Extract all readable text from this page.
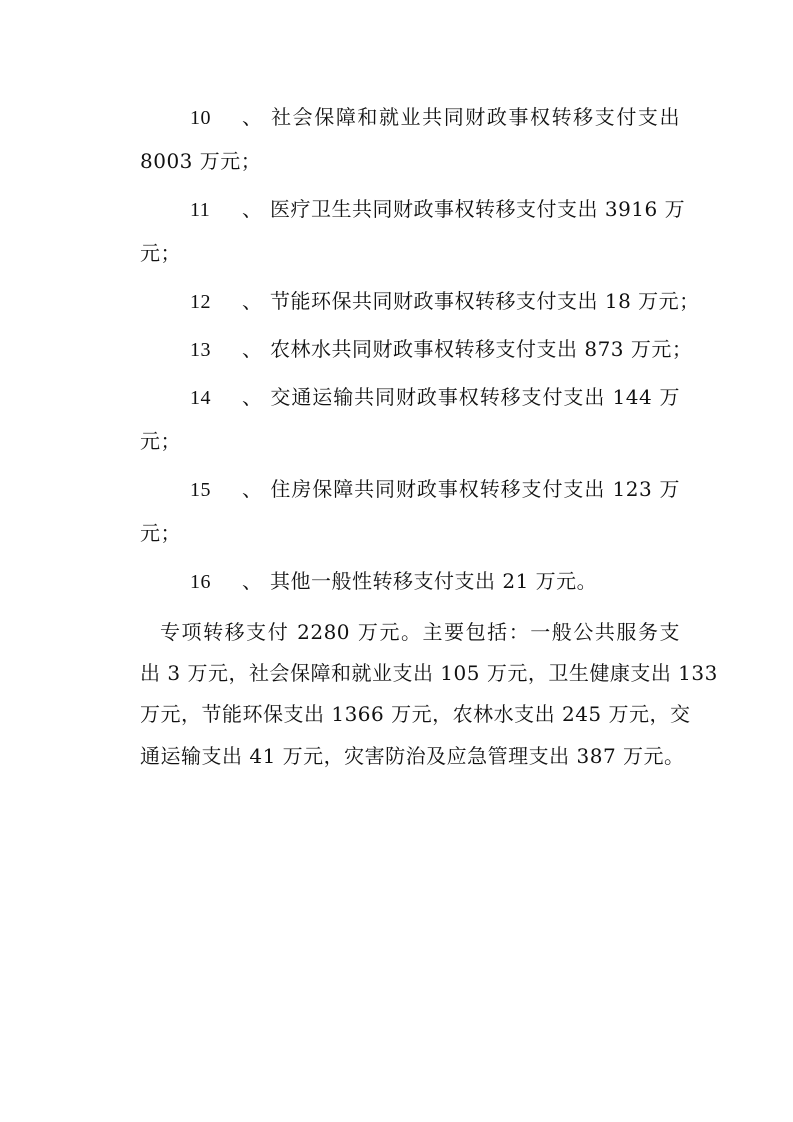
10 、 社会保障和就业共同财政事权转移支付支出
8003 万元；
11 、 医疗卫生共同财政事权转移支付支出 3916 万
元；
12 、 节能环保共同财政事权转移支付支出 18 万元；
13 、 农林水共同财政事权转移支付支出 873 万元；
14 、 交通运输共同财政事权转移支付支出 144 万
元；
15 、 住房保障共同财政事权转移支付支出 123 万
元；
16 、 其他一般性转移支付支出 21 万元。
专项转移支付 2280 万元。主要包括：一般公共服务支
出 3 万元，社会保障和就业支出 105 万元，卫生健康支出 133
万元，节能环保支出 1366 万元，农林水支出 245 万元，交
通运输支出 41 万元，灾害防治及应急管理支出 387 万元。
